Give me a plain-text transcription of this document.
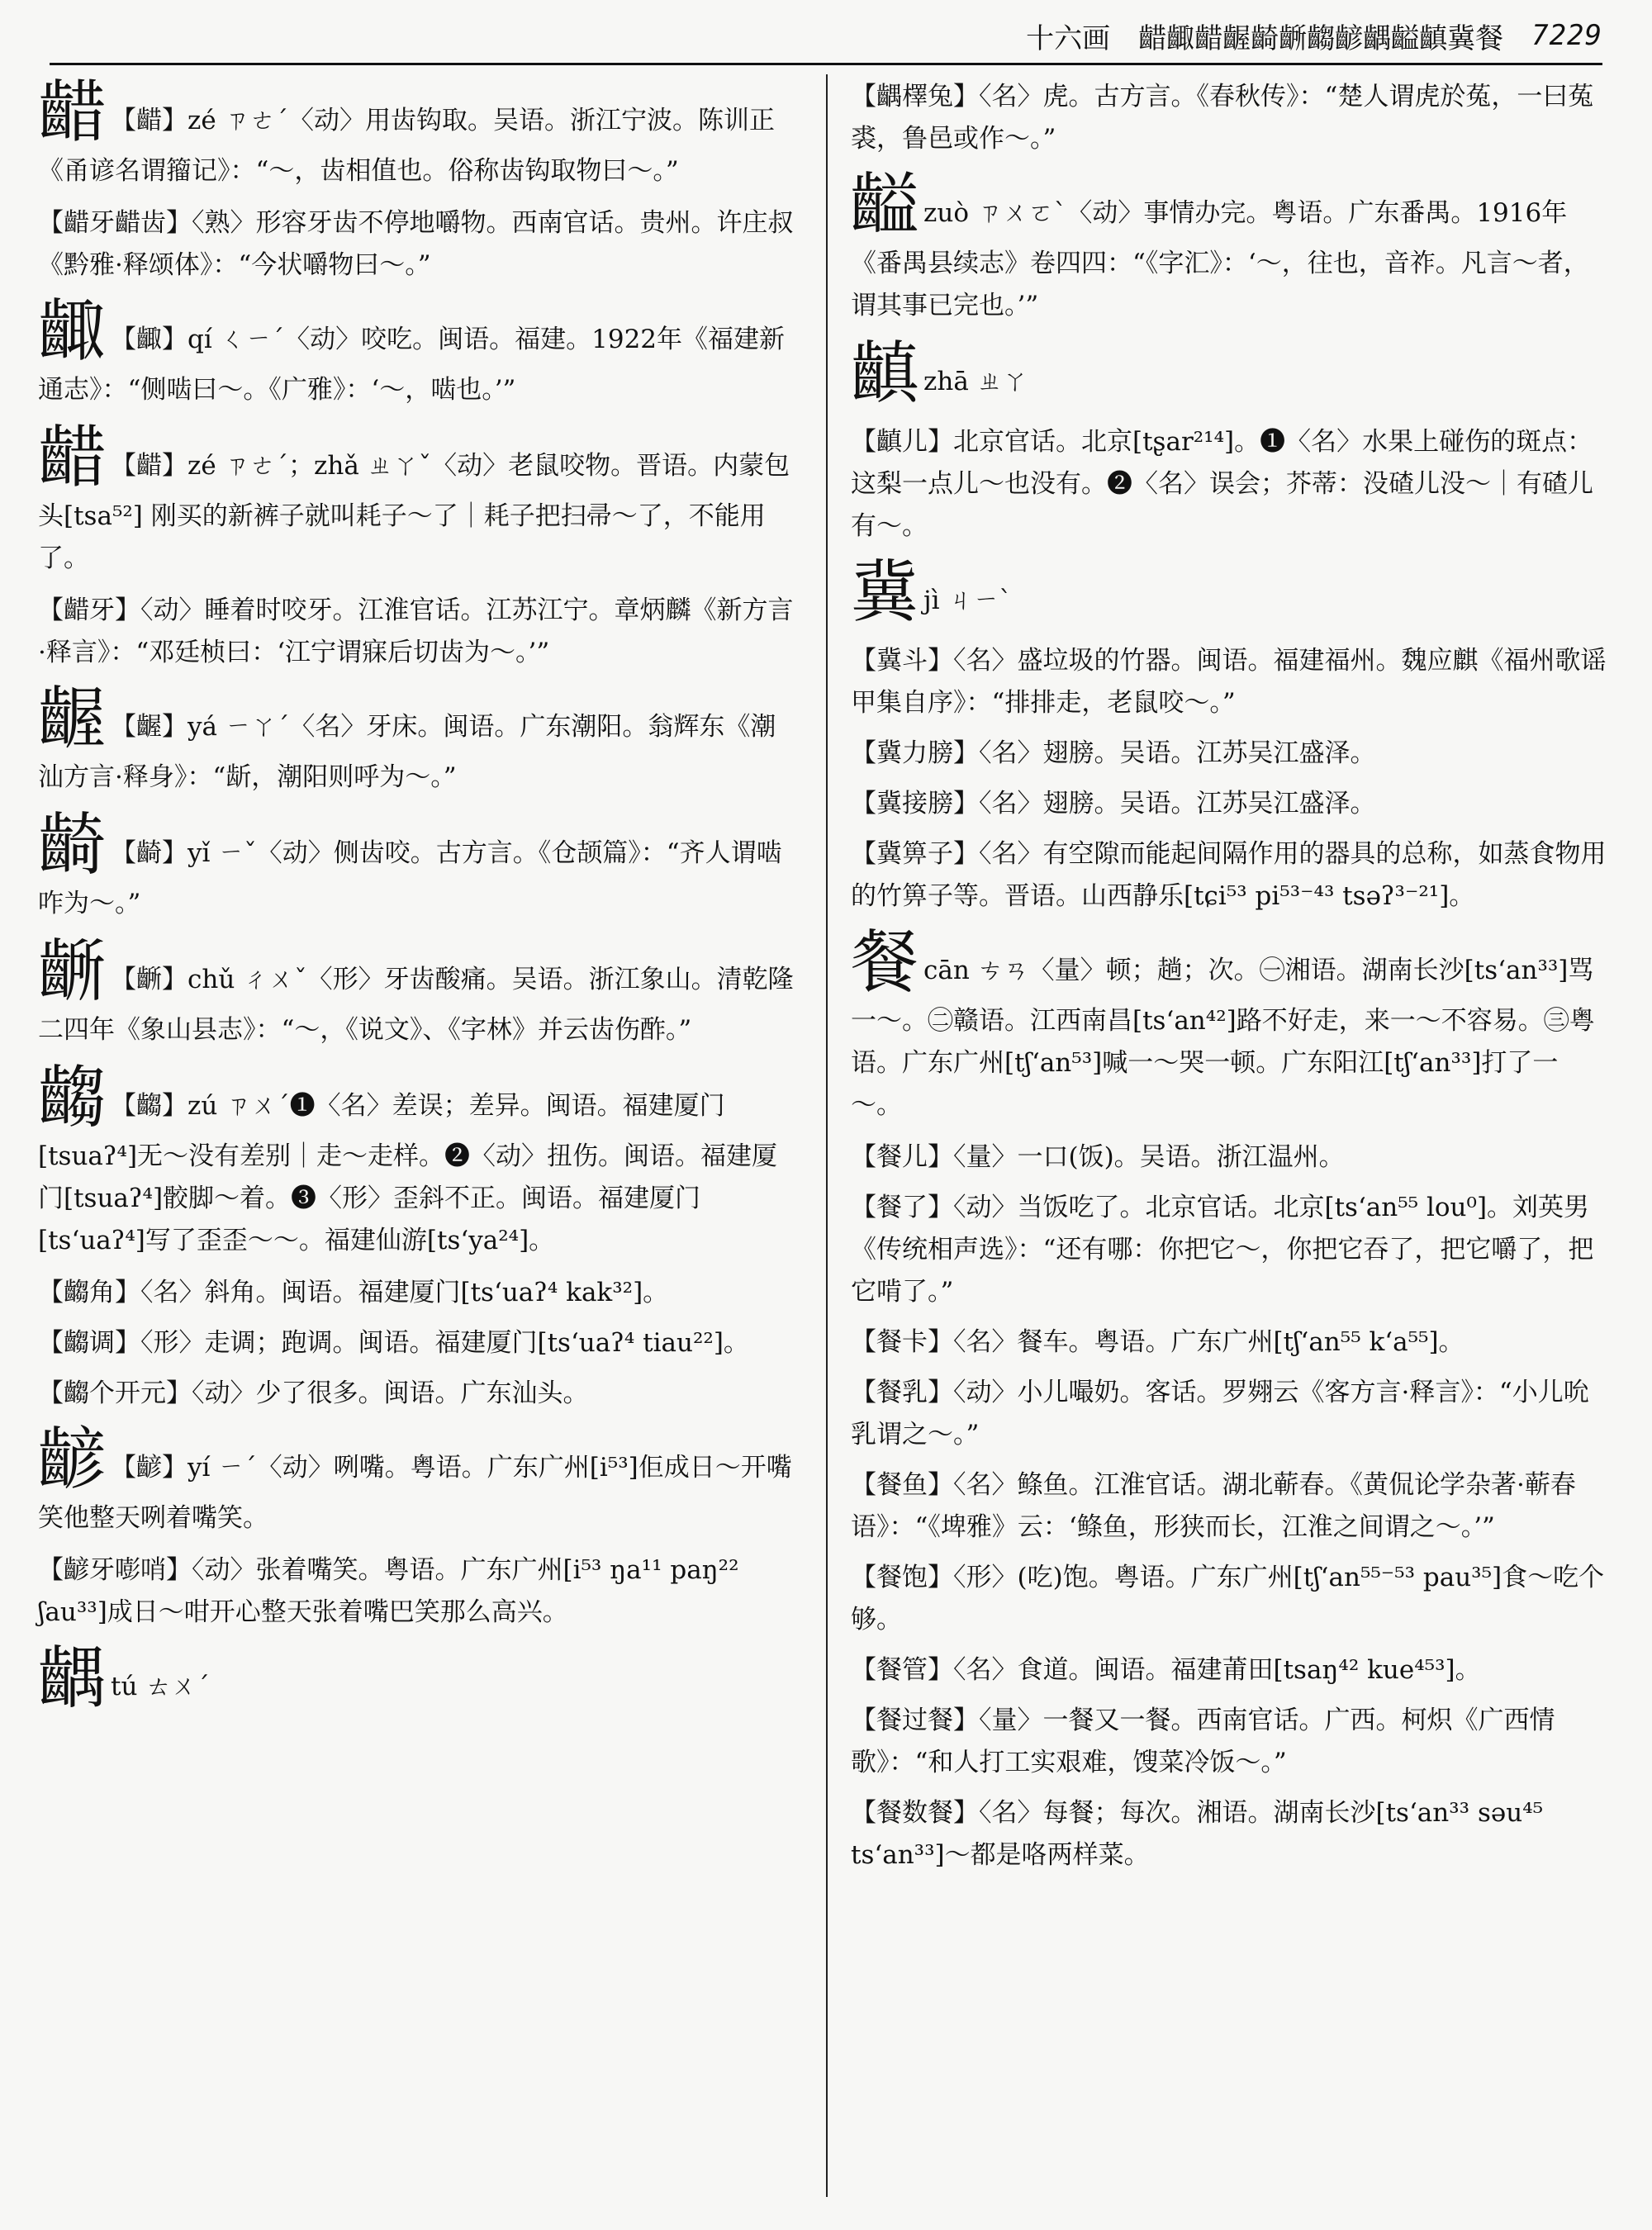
十六画 齰齱齰齷齮齭齺齴齵齸齻冀餐 7229
齰 【齰】zé ㄗㄜˊ〈动〉用齿钩取。吴语。浙江宁波。陈训正《甬谚名谓籀记》：“～，齿相值也。俗称齿钩取物曰～。”
【齰牙齰齿】〈熟〉形容牙齿不停地嚼物。西南官话。贵州。许庄叔《黔雅·释颂体》：“今状嚼物曰～。”
齱 【齱】qí ㄑㄧˊ〈动〉咬吃。闽语。福建。1922年《福建新通志》：“侧啮曰～。《广雅》：‘～，啮也。’”
齰 【齰】zé ㄗㄜˊ；zhǎ ㄓㄚˇ〈动〉老鼠咬物。晋语。内蒙包头[tsa⁵²] 刚买的新裤子就叫耗子～了｜耗子把扫帚～了，不能用了。
【齰牙】〈动〉睡着时咬牙。江淮官话。江苏江宁。章炳麟《新方言·释言》：“邓廷桢曰：‘江宁谓寐后切齿为～。’”
齷 【齷】yá ㄧㄚˊ〈名〉牙床。闽语。广东潮阳。翁辉东《潮汕方言·释身》：“龂，潮阳则呼为～。”
齮 【齮】yǐ ㄧˇ〈动〉侧齿咬。古方言。《仓颉篇》：“齐人谓啮咋为～。”
齭 【齭】chǔ ㄔㄨˇ〈形〉牙齿酸痛。吴语。浙江象山。清乾隆二四年《象山县志》：“～，《说文》、《字林》并云齿伤酢。”
齺 【齺】zú ㄗㄨˊ❶〈名〉差误；差异。闽语。福建厦门[tsuaʔ⁴]无～没有差别｜走～走样。❷〈动〉扭伤。闽语。福建厦门[tsuaʔ⁴]骹脚～着。❸〈形〉歪斜不正。闽语。福建厦门[ts‘uaʔ⁴]写了歪歪～～。福建仙游[ts‘ya²⁴]。
【齺角】〈名〉斜角。闽语。福建厦门[ts‘uaʔ⁴ kak³²]。
【齺调】〈形〉走调；跑调。闽语。福建厦门[ts‘uaʔ⁴ tiau²²]。
【齺个开元】〈动〉少了很多。闽语。广东汕头。
齴 【齴】yí ㄧˊ〈动〉咧嘴。粤语。广东广州[i⁵³]佢成日～开嘴笑他整天咧着嘴笑。
【齴牙嘭哨】〈动〉张着嘴笑。粤语。广东广州[i⁵³ ŋa¹¹ paŋ²² ʃau³³]成日～咁开心整天张着嘴巴笑那么高兴。
齵tú ㄊㄨˊ
【齵檡兔】〈名〉虎。古方言。《春秋传》：“楚人谓虎於菟，一曰菟裘，鲁邑或作～。”
齸zuò ㄗㄨㄛˋ〈动〉事情办完。粤语。广东番禺。1916年《番禺县续志》卷四四：“《字汇》：‘～，往也，音祚。凡言～者，谓其事已完也。’”
齻zhā ㄓㄚ
【齻儿】北京官话。北京[tʂar²¹⁴]。❶〈名〉水果上碰伤的斑点：这梨一点儿～也没有。❷〈名〉误会；芥蒂：没碴儿没～｜有碴儿有～。
冀jì ㄐㄧˋ
【冀斗】〈名〉盛垃圾的竹器。闽语。福建福州。魏应麒《福州歌谣甲集自序》：“排排走，老鼠咬～。”
【冀力膀】〈名〉翅膀。吴语。江苏吴江盛泽。
【冀接膀】〈名〉翅膀。吴语。江苏吴江盛泽。
【冀箅子】〈名〉有空隙而能起间隔作用的器具的总称，如蒸食物用的竹箅子等。晋语。山西静乐[tɕi⁵³ pi⁵³⁻⁴³ tsəʔ³⁻²¹]。
餐cān ㄘㄢ〈量〉顿；趟；次。㊀湘语。湖南长沙[ts‘an³³]骂一～。㊁赣语。江西南昌[ts‘an⁴²]路不好走，来一～不容易。㊂粤语。广东广州[tʃ‘an⁵³]喊一～哭一顿。广东阳江[tʃ‘an³³]打了一～。
【餐儿】〈量〉一口(饭)。吴语。浙江温州。
【餐了】〈动〉当饭吃了。北京官话。北京[ts‘an⁵⁵ lou⁰]。刘英男《传统相声选》：“还有哪：你把它～，你把它吞了，把它嚼了，把它啃了。”
【餐卡】〈名〉餐车。粤语。广东广州[tʃ‘an⁵⁵ k‘a⁵⁵]。
【餐乳】〈动〉小儿嘬奶。客话。罗翙云《客方言·释言》：“小儿吮乳谓之～。”
【餐鱼】〈名〉鲦鱼。江淮官话。湖北蕲春。《黄侃论学杂著·蕲春语》：“《埤雅》云：‘鲦鱼，形狭而长，江淮之间谓之～。’”
【餐饱】〈形〉(吃)饱。粤语。广东广州[tʃ‘an⁵⁵⁻⁵³ pau³⁵]食～吃个够。
【餐管】〈名〉食道。闽语。福建莆田[tsaŋ⁴² kue⁴⁵³]。
【餐过餐】〈量〉一餐又一餐。西南官话。广西。柯炽《广西情歌》：“和人打工实艰难，馊菜冷饭～。”
【餐数餐】〈名〉每餐；每次。湘语。湖南长沙[ts‘an³³ səu⁴⁵ ts‘an³³]～都是咯两样菜。
